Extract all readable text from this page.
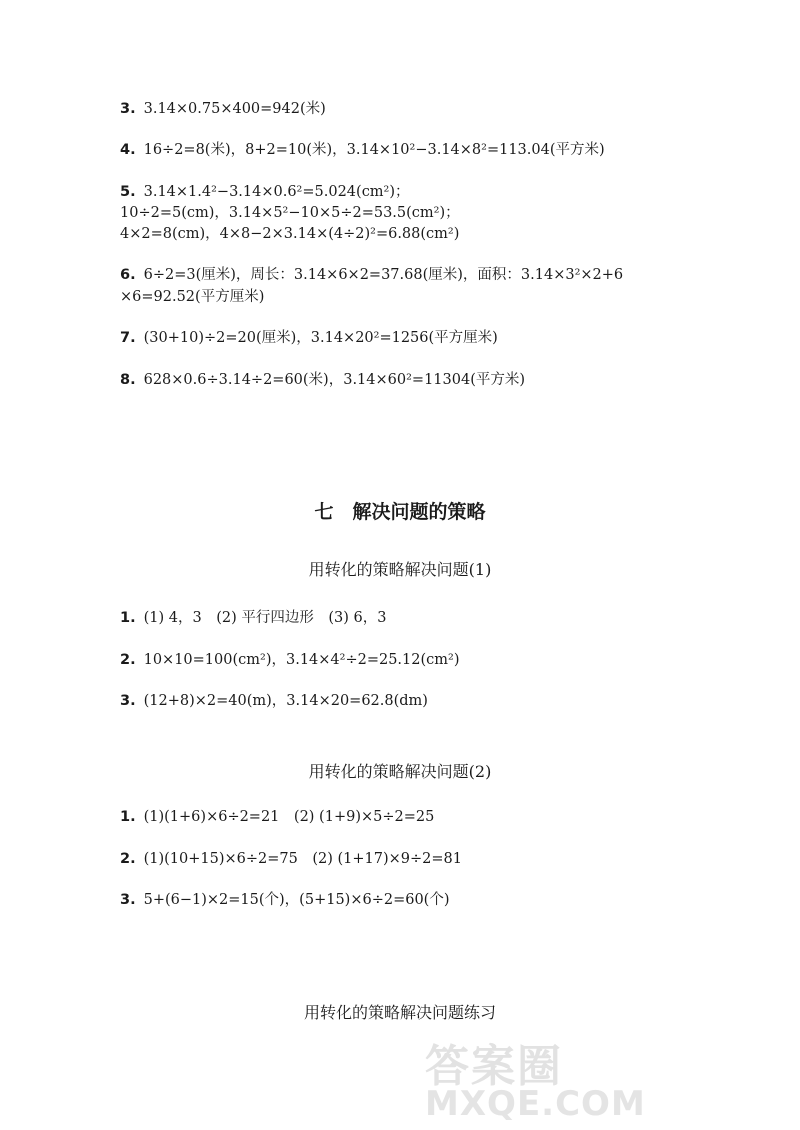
3. 3.14×0.75×400=942(米)
4. 16÷2=8(米)，8+2=10(米)，3.14×10²−3.14×8²=113.04(平方米)
5. 3.14×1.4²−3.14×0.6²=5.024(cm²)；
10÷2=5(cm)，3.14×5²−10×5÷2=53.5(cm²)；
4×2=8(cm)，4×8−2×3.14×(4÷2)²=6.88(cm²)
6. 6÷2=3(厘米)，周长：3.14×6×2=37.68(厘米)，面积：3.14×3²×2+6
×6=92.52(平方厘米)
7. (30+10)÷2=20(厘米)，3.14×20²=1256(平方厘米)
8. 628×0.6÷3.14÷2=60(米)，3.14×60²=11304(平方米)
七　解决问题的策略
用转化的策略解决问题(1)
1. (1) 4，3　(2) 平行四边形　(3) 6，3
2. 10×10=100(cm²)，3.14×4²÷2=25.12(cm²)
3. (12+8)×2=40(m)，3.14×20=62.8(dm)
用转化的策略解决问题(2)
1. (1)(1+6)×6÷2=21　(2) (1+9)×5÷2=25
2. (1)(10+15)×6÷2=75　(2) (1+17)×9÷2=81
3. 5+(6−1)×2=15(个)，(5+15)×6÷2=60(个)
用转化的策略解决问题练习
答案圈
MXQE.COM
